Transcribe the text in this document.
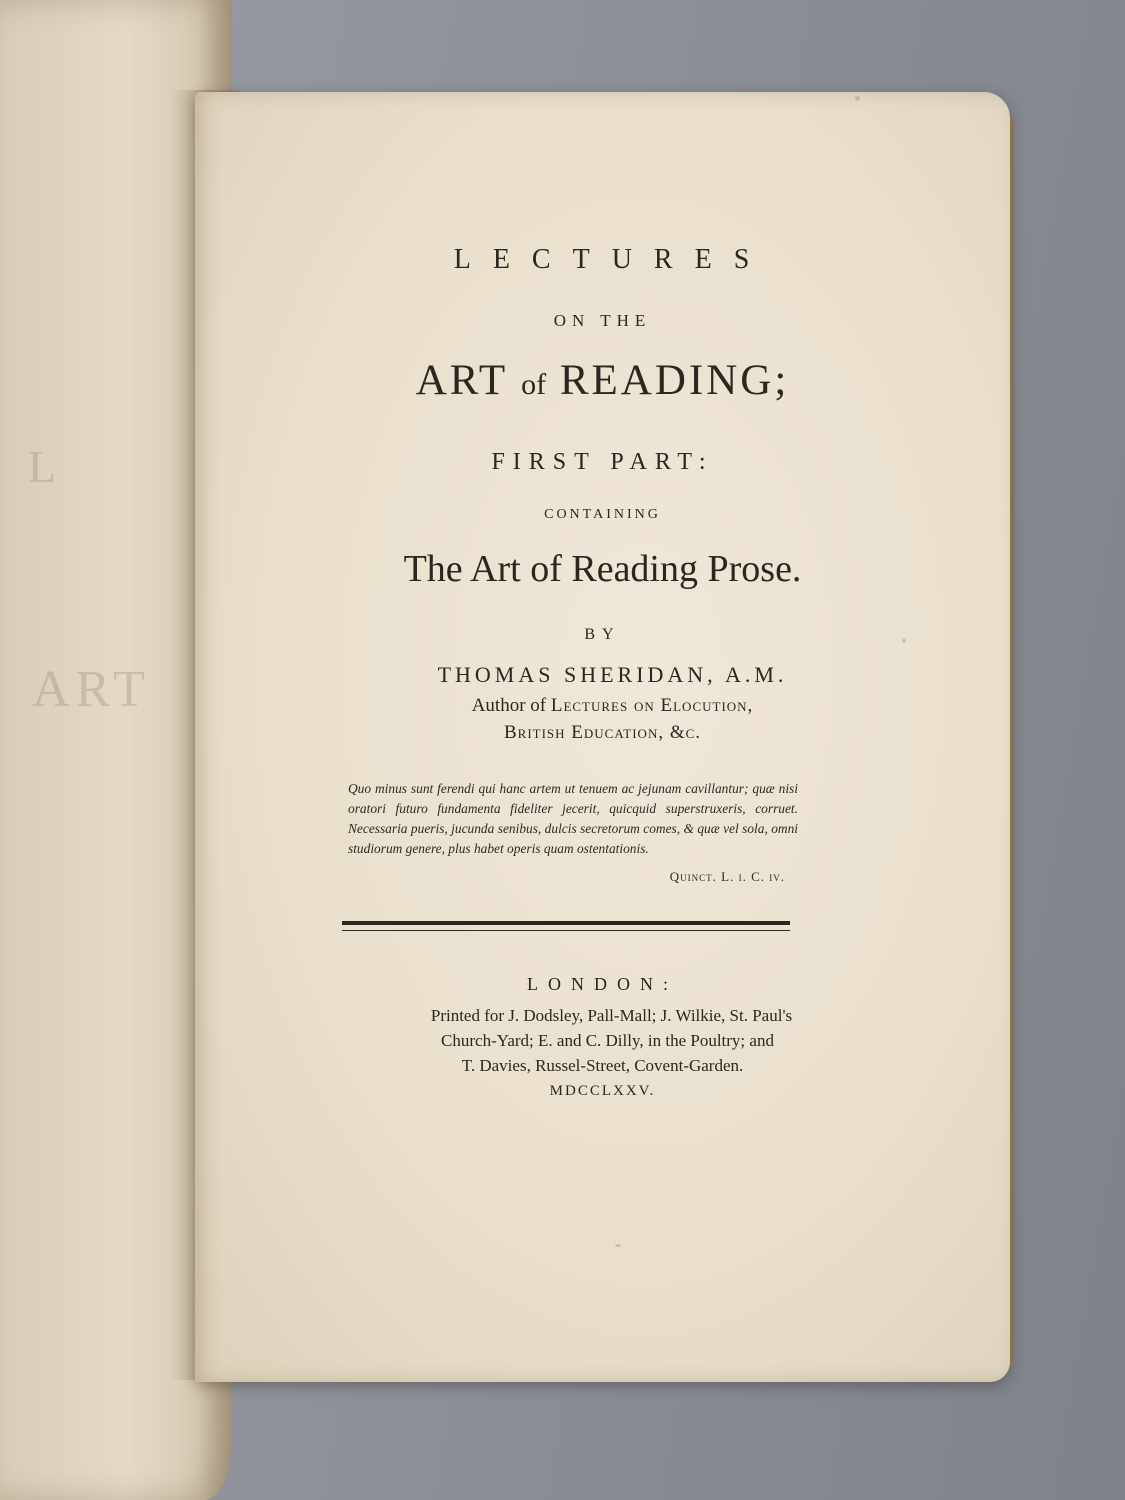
L
ART
LECTURES
ON THE
ART of READING;
FIRST PART:
CONTAINING
The Art of Reading Prose.
BY
THOMAS SHERIDAN, A.M.
Author of Lectures on Elocution,
British Education, &c.
Quo minus sunt ferendi qui hanc artem ut tenuem ac jejunam cavillantur; quæ nisi oratori futuro fundamenta fideliter jecerit, quicquid superstruxeris, corruet. Necessaria pueris, jucunda senibus, dulcis secretorum comes, & quæ vel sola, omni studiorum genere, plus habet operis quam ostentationis.
Quinct. L. i. C. iv.
LONDON:
Printed for J. Dodsley, Pall-Mall; J. Wilkie, St. Paul's
Church-Yard; E. and C. Dilly, in the Poultry; and
T. Davies, Russel-Street, Covent-Garden.
MDCCLXXV.
